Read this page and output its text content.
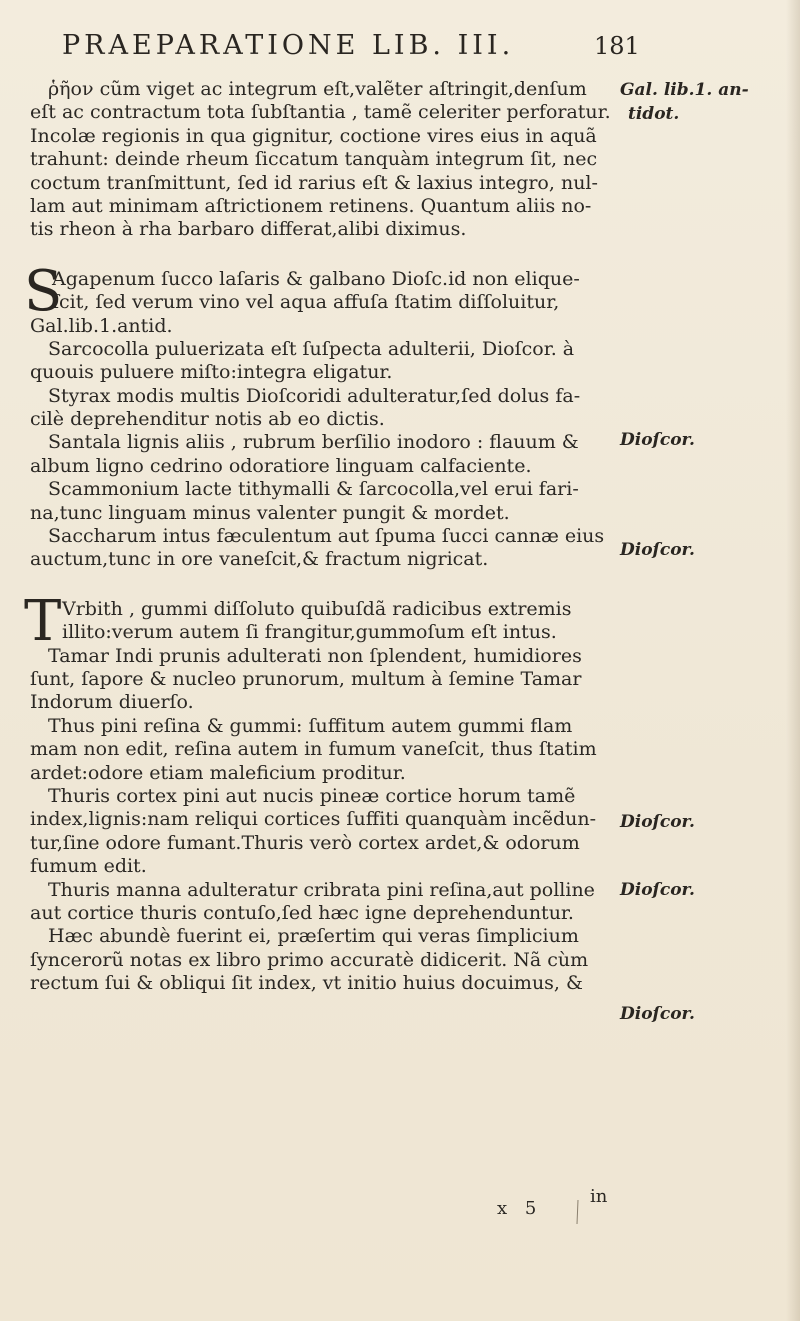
PRAEPARATIONE LIB. III.	181
ῥῆον cũm viget ac integrum eſt,valẽter aſtringit,denſum
eſt ac contractum tota ſubſtantia , tamẽ celeriter perforatur.
Incolæ regionis in qua gignitur, coctione vires eius in aquã
trahunt: deinde rheum ſiccatum tanquàm integrum ſit, nec
coctum tranſmittunt, ſed id rarius eſt & laxius integro, nul-
lam aut minimam aſtrictionem retinens. Quantum aliis no-
tis rheon à rha barbaro differat,alibi diximus.
S
Agapenum ſucco laſaris & galbano Dioſc.id non elique-
ſcit, ſed verum vino vel aqua affuſa ſtatim diſſoluitur,
Gal.lib.1.antid.
Sarcocolla puluerizata eſt ſuſpecta adulterii, Dioſcor. à
quouis puluere miſto:integra eligatur.
Styrax modis multis Dioſcoridi adulteratur,ſed dolus fa-
cilè deprehenditur notis ab eo dictis.
Santala lignis aliis , rubrum berſilio inodoro : flauum &
album ligno cedrino odoratiore linguam calfaciente.
Scammonium lacte tithymalli & ſarcocolla,vel erui fari-
na,tunc linguam minus valenter pungit & mordet.
Saccharum intus fæculentum aut ſpuma ſucci cannæ eius
auctum,tunc in ore vaneſcit,& fractum nigricat.
T Vrbith , gummi diſſoluto quibuſdã radicibus extremis
illito:verum autem ſi frangitur,gummoſum eſt intus.
Tamar Indi prunis adulterati non ſplendent, humidiores
ſunt, ſapore & nucleo prunorum, multum à ſemine Tamar
Indorum diuerſo.
Thus pini reſina & gummi: ſuffitum autem gummi flam
mam non edit, reſina autem in fumum vaneſcit, thus ſtatim
ardet:odore etiam maleficium proditur.
Thuris cortex pini aut nucis pineæ cortice horum tamẽ
index,lignis:nam reliqui cortices ſuffiti quanquàm incẽdun-
tur,ſine odore fumant.Thuris verò cortex ardet,& odorum
fumum edit.
Thuris manna adulteratur cribrata pini reſina,aut polline
aut cortice thuris contuſo,ſed hæc igne deprehenduntur.
Hæc abundè fuerint ei, præſertim qui veras ſimplicium
ſyncerorũ notas ex libro primo accuratè didicerit. Nã cùm
rectum ſui & obliqui ſit index, vt initio huius docuimus, &
Gal. lib.1. an-
tidot.
Dioſcor.
Dioſcor.
Dioſcor.
Dioſcor.
Dioſcor.
in
x 5
